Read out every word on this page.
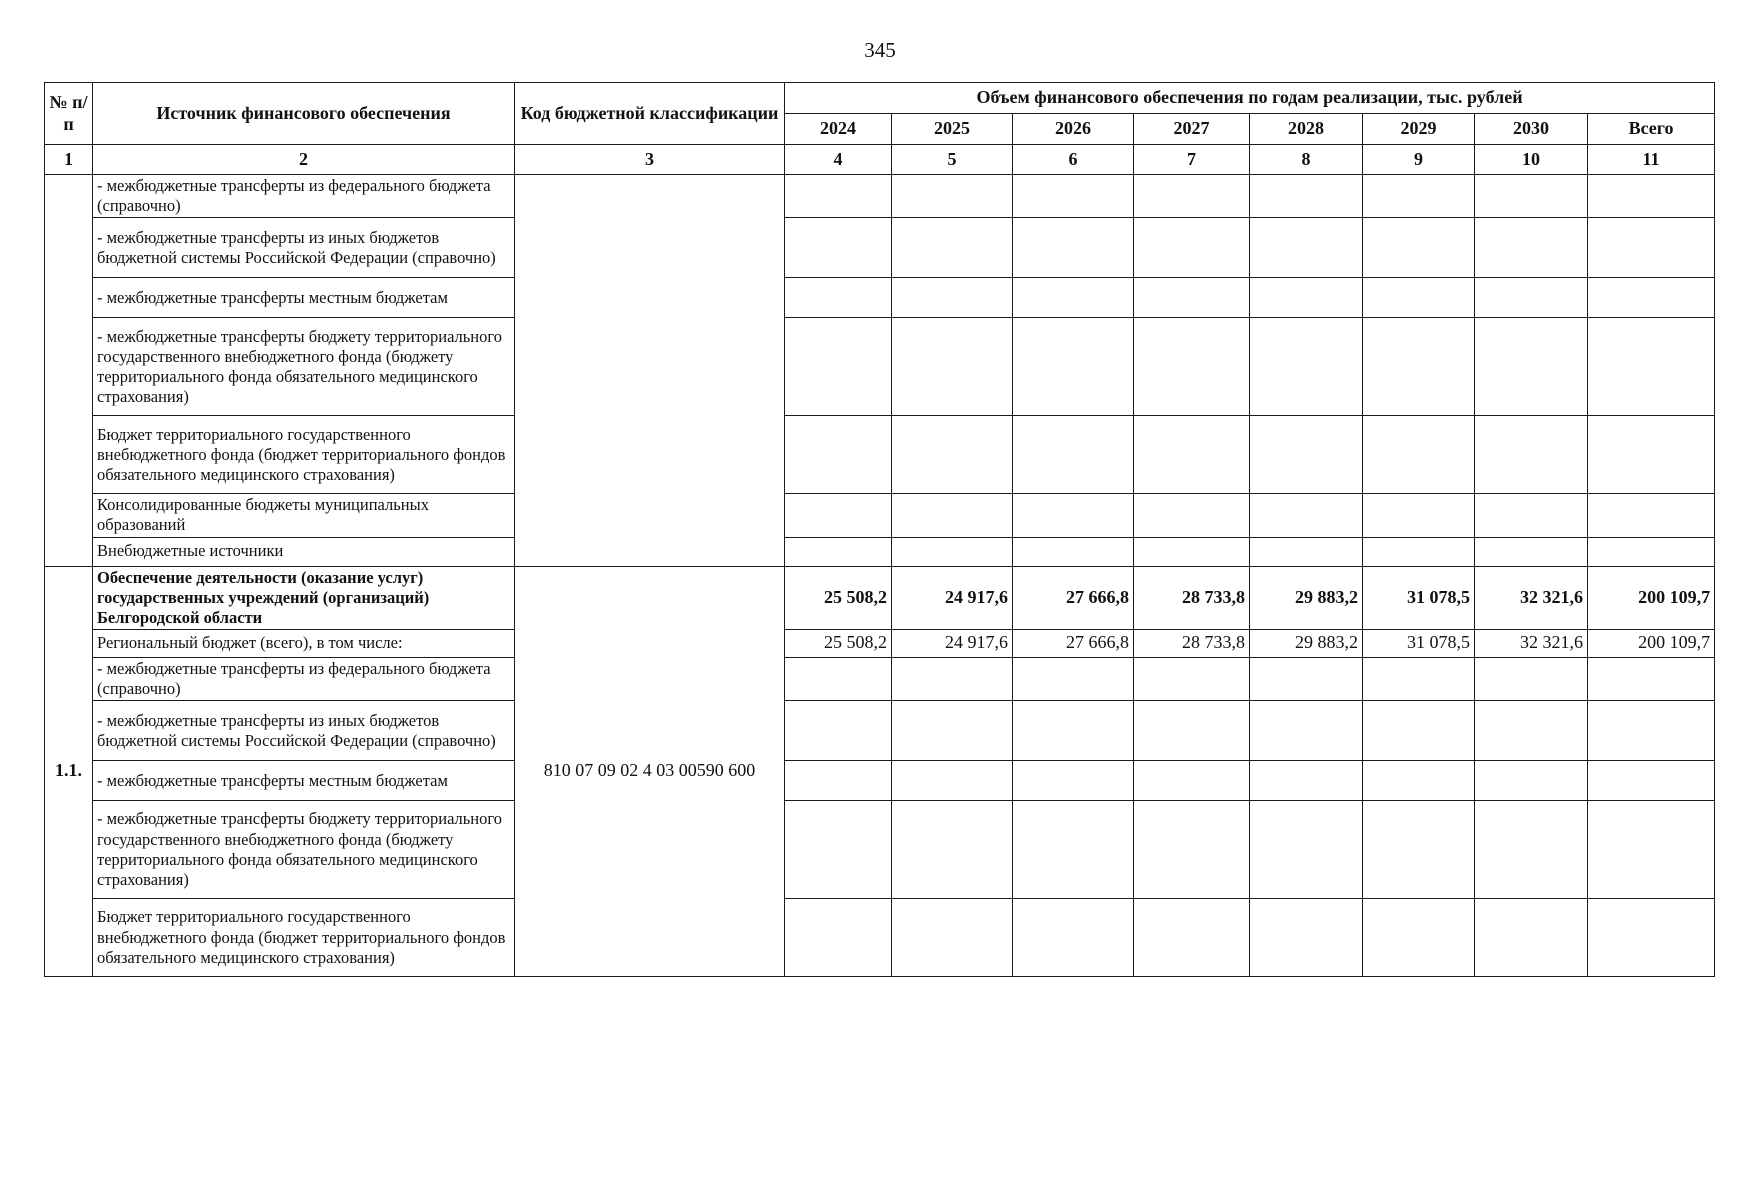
345
№ п/п	Источник финансового обеспечения	Код бюджетной классификации	Объем финансового обеспечения по годам реализации, тыс. рублей							
			2024	2025	2026	2027	2028	2029	2030	Всего
1	2	3	4	5	6	7	8	9	10	11
	- межбюджетные трансферты из федерального бюджета (справочно)									
	- межбюджетные трансферты из иных бюджетов бюджетной системы Российской Федерации (справочно)									
	- межбюджетные трансферты местным бюджетам									
	- межбюджетные трансферты бюджету территориального государственного внебюджетного фонда (бюджету территориального фонда обязательного медицинского страхования)									
	Бюджет территориального государственного внебюджетного фонда (бюджет территориального фондов обязательного медицинского страхования)									
	Консолидированные бюджеты муниципальных образований									
	Внебюджетные источники									
1.1.	Обеспечение деятельности (оказание услуг) государственных учреждений (организаций) Белгородской области	810 07 09 02 4 03 00590 600	25 508,2	24 917,6	27 666,8	28 733,8	29 883,2	31 078,5	32 321,6	200 109,7
	Региональный бюджет (всего), в том числе:		25 508,2	24 917,6	27 666,8	28 733,8	29 883,2	31 078,5	32 321,6	200 109,7
	- межбюджетные трансферты из федерального бюджета (справочно)									
	- межбюджетные трансферты из иных бюджетов бюджетной системы Российской Федерации (справочно)									
	- межбюджетные трансферты местным бюджетам									
	- межбюджетные трансферты бюджету территориального государственного внебюджетного фонда (бюджету территориального фонда обязательного медицинского страхования)									
	Бюджет территориального государственного внебюджетного фонда (бюджет территориального фондов обязательного медицинского страхования)									
